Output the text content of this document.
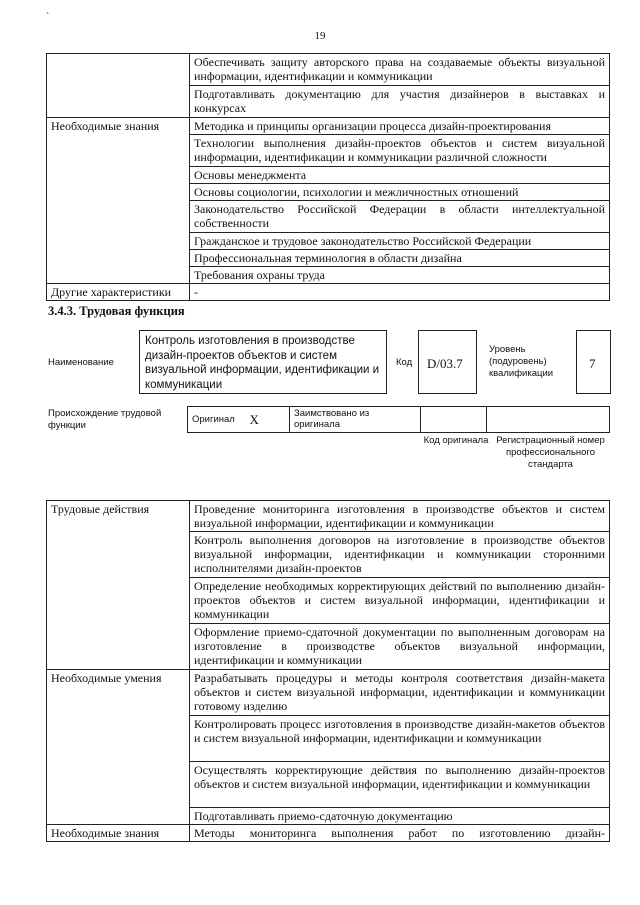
`
19
	Обеспечивать защиту авторского права на создаваемые объекты визуальной информации, идентификации и коммуникации
	Подготавливать документацию для участия дизайнеров в выставках и конкурсах
Необходимые знания	Методика и принципы организации процесса дизайн-проектирования
	Технологии выполнения дизайн-проектов объектов и систем визуальной информации, идентификации и коммуникации различной сложности
	Основы менеджмента
	Основы социологии, психологии и межличностных отношений
	Законодательство Российской Федерации в области интеллектуальной собственности
	Гражданское и трудовое законодательство Российской Федерации
	Профессиональная терминология в области дизайна
	Требования охраны труда
Другие характеристики	-
3.4.3. Трудовая функция
Наименование
Контроль изготовления в производстве дизайн-проектов объектов и систем визуальной информации, идентификации и коммуникации
Код D/03.7
Уровень (подуровень) квалификации
7
Происхождение трудовой функции
Оригинал	X	Заимствовано из оригинала		
Код оригинала Регистрационный номер профессионального стандарта
Трудовые действия	Проведение мониторинга изготовления в производстве объектов и систем визуальной информации, идентификации и коммуникации
	Контроль выполнения договоров на изготовление в производстве объектов визуальной информации, идентификации и коммуникации сторонними исполнителями дизайн-проектов
	Определение необходимых корректирующих действий по выполнению дизайн-проектов объектов и систем визуальной информации, идентификации и коммуникации
	Оформление приемо-сдаточной документации по выполненным договорам на изготовление в производстве объектов визуальной информации, идентификации и коммуникации
Необходимые умения	Разрабатывать процедуры и методы контроля соответствия дизайн-макета объектов и систем визуальной информации, идентификации и коммуникации готовому изделию
	Контролировать процесс изготовления в производстве дизайн-макетов объектов и систем визуальной информации, идентификации и коммуникации
	Осуществлять корректирующие действия по выполнению дизайн-проектов объектов и систем визуальной информации, идентификации и коммуникации
	Подготавливать приемо-сдаточную документацию
Необходимые знания	Методы мониторинга выполнения работ по изготовлению дизайн-
